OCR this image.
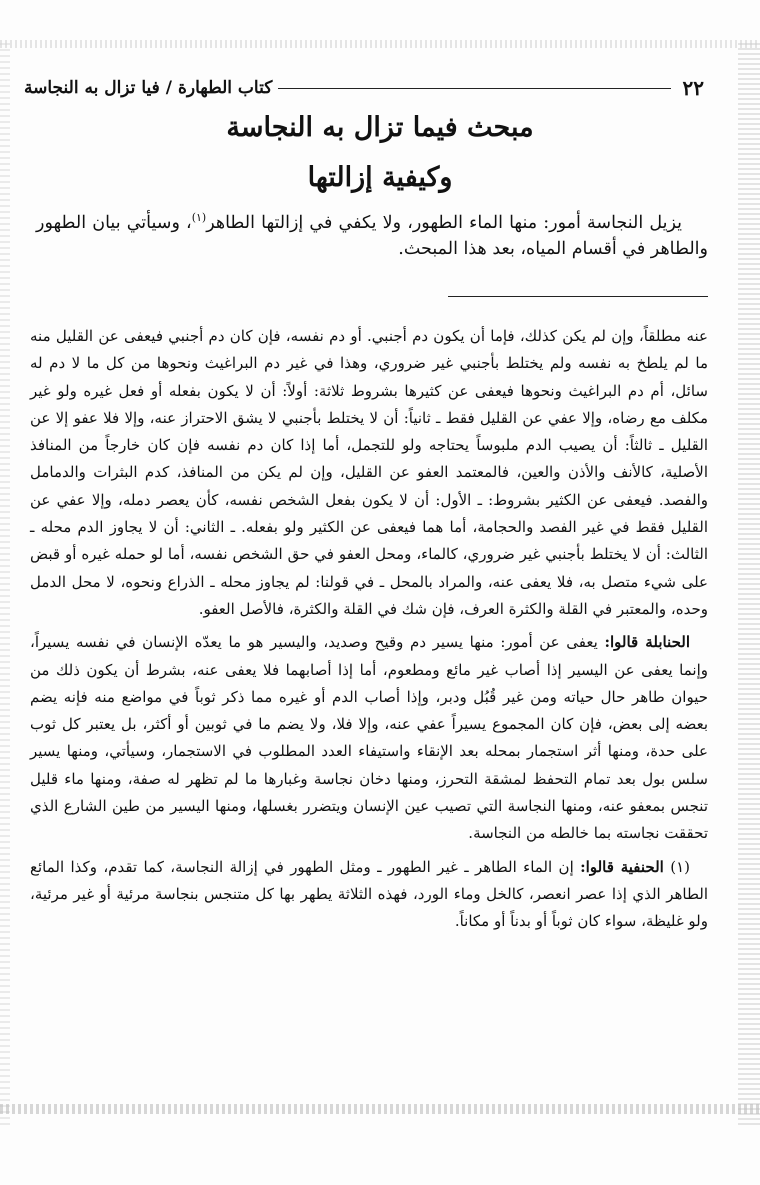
٢٢
كتاب الطهارة
/
فيا تزال به النجاسة
مبحث فيما تزال به النجاسة
وكيفية إزالتها

يزيل النجاسة أمور: منها الماء الطهور، ولا يكفي في إزالتها الطاهر$^{(١)}$، وسيأتي بيان الطهور والطاهر في أقسام المياه، بعد هذا المبحث.

عنه مطلقاً، وإن لم يكن كذلك، فإما أن يكون دم أجنبي. أو دم نفسه، فإن كان دم أجنبي فيعفى عن القليل منه ما لم يلطخ به نفسه ولم يختلط بأجنبي غير ضروري، وهذا في غير دم البراغيث ونحوها من كل ما لا دم له سائل، أم دم البراغيث ونحوها فيعفى عن كثيرها بشروط ثلاثة: أولاً: أن لا يكون بفعله أو فعل غيره ولو غير مكلف مع رضاه، وإلا عفي عن القليل فقط ـ ثانياً: أن لا يختلط بأجنبي لا يشق الاحتراز عنه، وإلا فلا عفو إلا عن القليل ـ ثالثاً: أن يصيب الدم ملبوساً يحتاجه ولو للتجمل، أما إذا كان دم نفسه فإن كان خارجاً من المنافذ الأصلية، كالأنف والأذن والعين، فالمعتمد العفو عن القليل، وإن لم يكن من المنافذ، كدم البثرات والدمامل والفصد. فيعفى عن الكثير بشروط: ـ الأول: أن لا يكون بفعل الشخص نفسه، كأن يعصر دمله، وإلا عفي عن القليل فقط في غير الفصد والحجامة، أما هما فيعفى عن الكثير ولو بفعله. ـ الثاني: أن لا يجاوز الدم محله ـ الثالث: أن لا يختلط بأجنبي غير ضروري، كالماء، ومحل العفو في حق الشخص نفسه، أما لو حمله غيره أو قبض على شيء متصل به، فلا يعفى عنه، والمراد بالمحل ـ في قولنا: لم يجاوز محله ـ الذراع ونحوه، لا محل الدمل وحده، والمعتبر في القلة والكثرة العرف، فإن شك في القلة والكثرة، فالأصل العفو.

الحنابلة قالوا: يعفى عن أمور: منها يسير دم وقيح وصديد، واليسير هو ما يعدّه الإنسان في نفسه يسيراً، وإنما يعفى عن اليسير إذا أصاب غير مائع ومطعوم، أما إذا أصابهما فلا يعفى عنه، بشرط أن يكون ذلك من حيوان طاهر حال حياته ومن غير قُبُل ودبر، وإذا أصاب الدم أو غيره مما ذكر ثوباً في مواضع منه فإنه يضم بعضه إلى بعض، فإن كان المجموع يسيراً عفي عنه، وإلا فلا، ولا يضم ما في ثوبين أو أكثر، بل يعتبر كل ثوب على حدة، ومنها أثر استجمار بمحله بعد الإنقاء واستيفاء العدد المطلوب في الاستجمار، وسيأتي، ومنها يسير سلس بول بعد تمام التحفظ لمشقة التحرز، ومنها دخان نجاسة وغبارها ما لم تظهر له صفة، ومنها ماء قليل تنجس بمعفو عنه، ومنها النجاسة التي تصيب عين الإنسان ويتضرر بغسلها، ومنها اليسير من طين الشارع الذي تحققت نجاسته بما خالطه من النجاسة.

(١) الحنفية قالوا: إن الماء الطاهر ـ غير الطهور ـ ومثل الطهور في إزالة النجاسة، كما تقدم، وكذا المائع الطاهر الذي إذا عصر انعصر، كالخل وماء الورد، فهذه الثلاثة يطهر بها كل متنجس بنجاسة مرئية أو غير مرئية، ولو غليظة، سواء كان ثوباً أو بدناً أو مكاناً.
